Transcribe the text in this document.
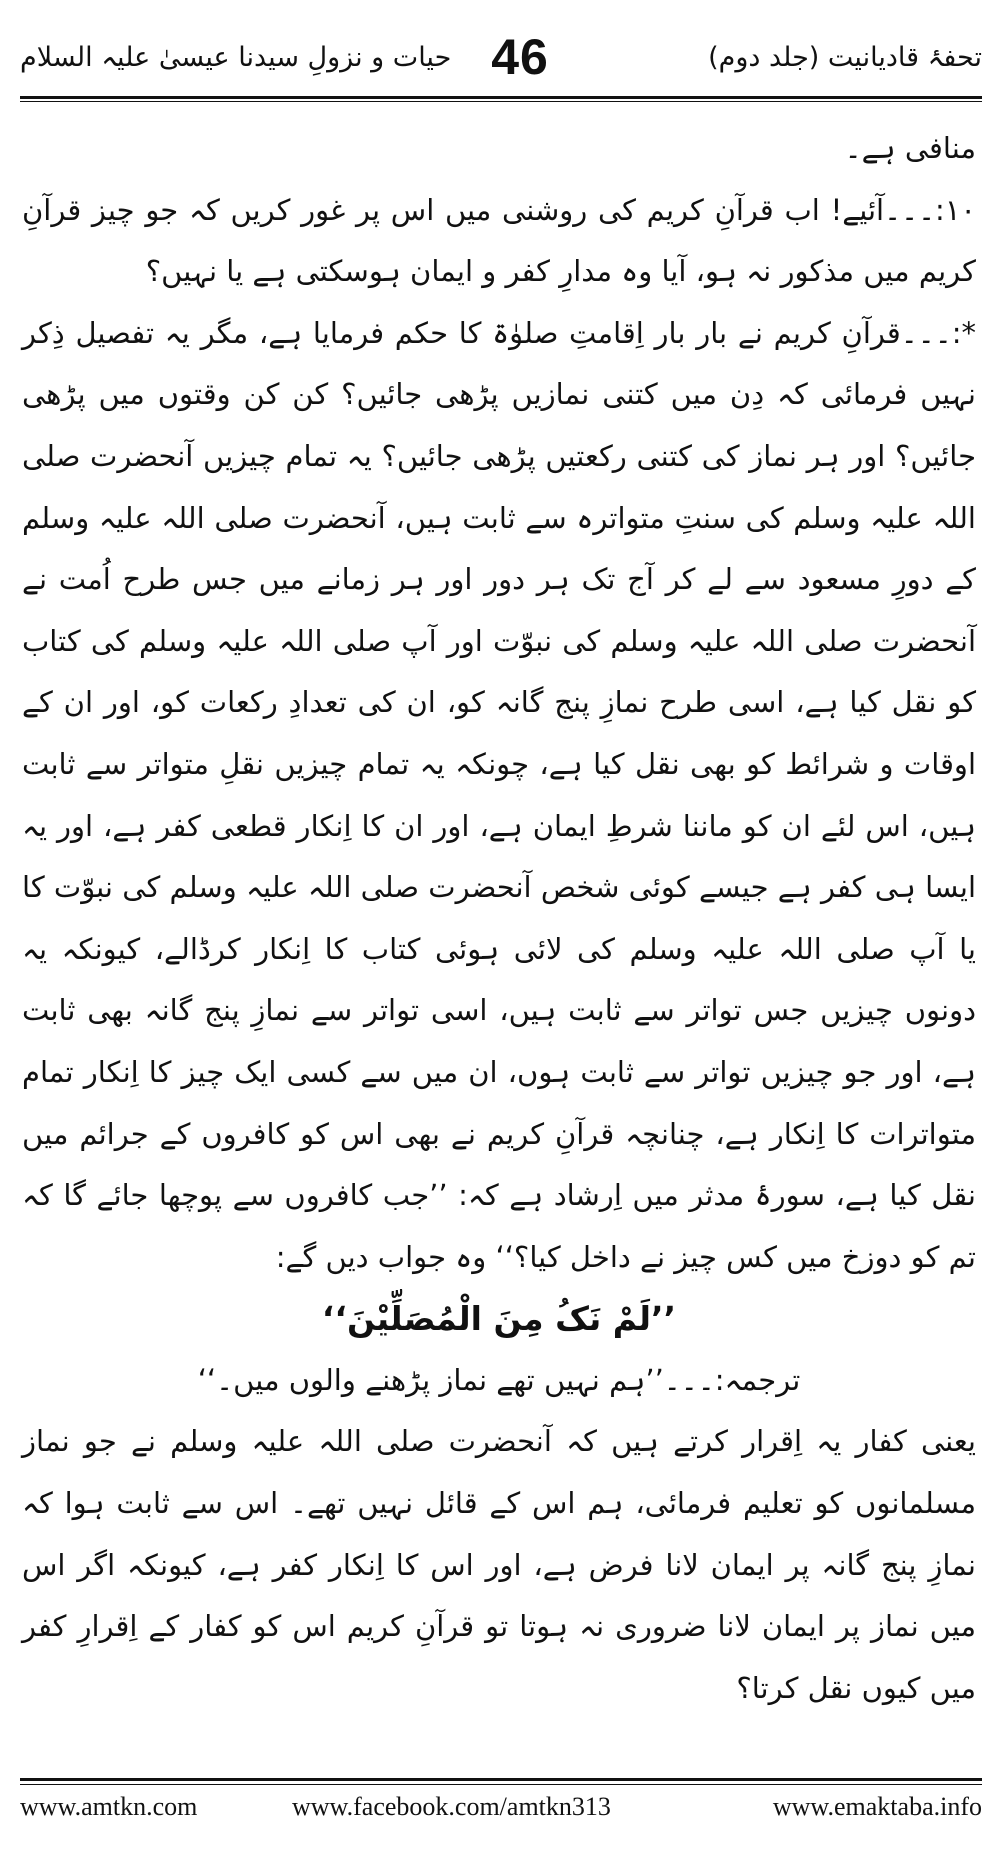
حیات و نزولِ سیدنا عیسیٰ علیہ السلام 46	تحفۂ قادیانیت (جلد دوم)

منافی ہے۔

۱۰:۔۔۔آئیے! اب قرآنِ کریم کی روشنی میں اس پر غور کریں کہ جو چیز قرآنِ کریم میں مذکور نہ ہو، آیا وہ مدارِ کفر و ایمان ہوسکتی ہے یا نہیں؟

*:۔۔۔قرآنِ کریم نے بار بار اِقامتِ صلوٰۃ کا حکم فرمایا ہے، مگر یہ تفصیل ذِکر نہیں فرمائی کہ دِن میں کتنی نمازیں پڑھی جائیں؟ کن کن وقتوں میں پڑھی جائیں؟ اور ہر نماز کی کتنی رکعتیں پڑھی جائیں؟ یہ تمام چیزیں آنحضرت صلی اللہ علیہ وسلم کی سنتِ متواترہ سے ثابت ہیں، آنحضرت صلی اللہ علیہ وسلم کے دورِ مسعود سے لے کر آج تک ہر دور اور ہر زمانے میں جس طرح اُمت نے آنحضرت صلی اللہ علیہ وسلم کی نبوّت اور آپ صلی اللہ علیہ وسلم کی کتاب کو نقل کیا ہے، اسی طرح نمازِ پنج گانہ کو، ان کی تعدادِ رکعات کو، اور ان کے اوقات و شرائط کو بھی نقل کیا ہے، چونکہ یہ تمام چیزیں نقلِ متواتر سے ثابت ہیں، اس لئے ان کو ماننا شرطِ ایمان ہے، اور ان کا اِنکار قطعی کفر ہے، اور یہ ایسا ہی کفر ہے جیسے کوئی شخص آنحضرت صلی اللہ علیہ وسلم کی نبوّت کا یا آپ صلی اللہ علیہ وسلم کی لائی ہوئی کتاب کا اِنکار کرڈالے، کیونکہ یہ دونوں چیزیں جس تواتر سے ثابت ہیں، اسی تواتر سے نمازِ پنج گانہ بھی ثابت ہے، اور جو چیزیں تواتر سے ثابت ہوں، ان میں سے کسی ایک چیز کا اِنکار تمام متواترات کا اِنکار ہے، چنانچہ قرآنِ کریم نے بھی اس کو کافروں کے جرائم میں نقل کیا ہے، سورۂ مدثر میں اِرشاد ہے کہ: ’’جب کافروں سے پوچھا جائے گا کہ تم کو دوزخ میں کس چیز نے داخل کیا؟‘‘ وہ جواب دیں گے:

’’لَمْ نَکُ مِنَ الْمُصَلِّیْنَ‘‘

ترجمہ:۔۔۔’’ہم نہیں تھے نماز پڑھنے والوں میں۔‘‘

یعنی کفار یہ اِقرار کرتے ہیں کہ آنحضرت صلی اللہ علیہ وسلم نے جو نماز مسلمانوں کو تعلیم فرمائی، ہم اس کے قائل نہیں تھے۔ اس سے ثابت ہوا کہ نمازِ پنج گانہ پر ایمان لانا فرض ہے، اور اس کا اِنکار کفر ہے، کیونکہ اگر اس میں نماز پر ایمان لانا ضروری نہ ہوتا تو قرآنِ کریم اس کو کفار کے اِقرارِ کفر میں کیوں نقل کرتا؟

www.amtkn.com	www.facebook.com/amtkn313	www.emaktaba.info
